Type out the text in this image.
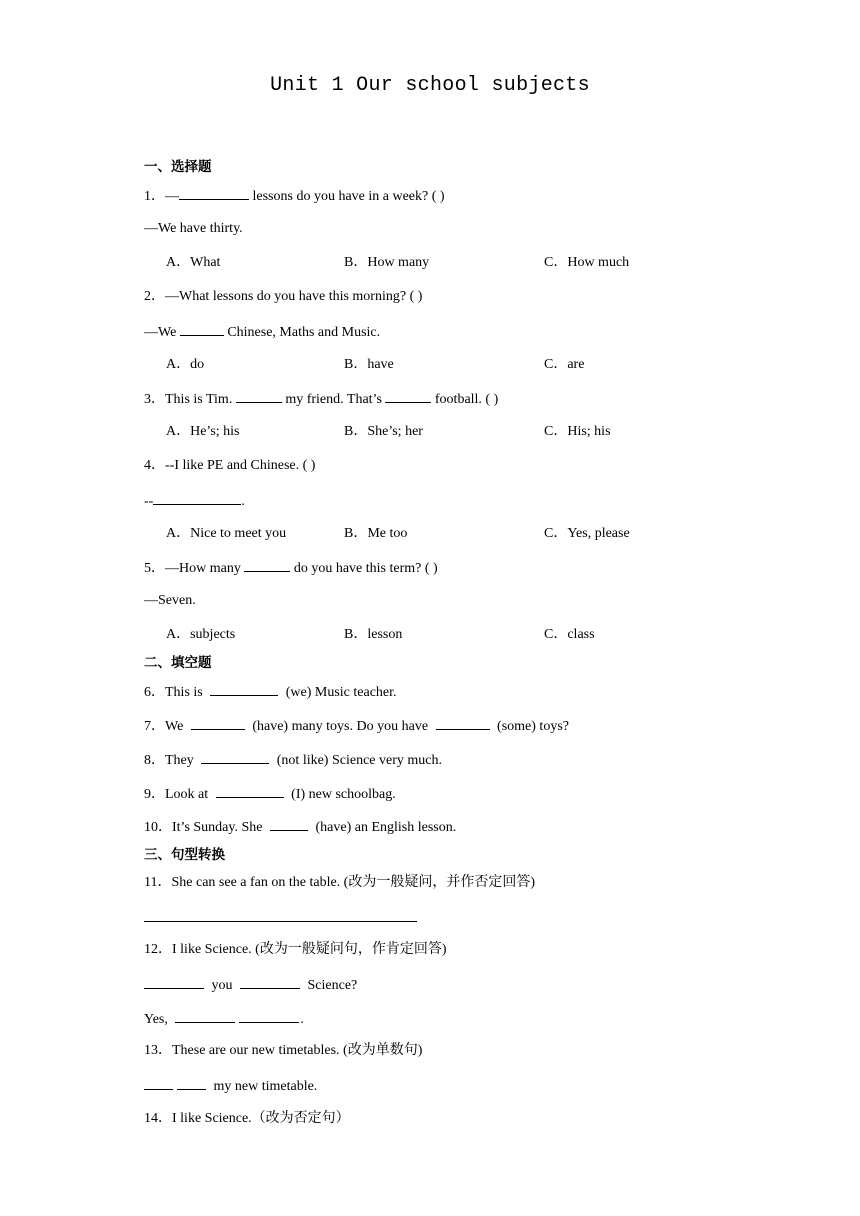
Unit 1 Our school subjects
一、选择题
1．—	lessons do you have in a week? ( )
—We have thirty.
A．What	B．How many	C．How much
2．—What lessons do you have this morning? ( )
—We	Chinese, Maths and Music.
A．do	B．have	C．are
3．This is Tim.	my friend. That’s	football. ( )
A．He’s; his	B．She’s; her	C．His; his
4．--I like PE and Chinese. ( )
--	.
A．Nice to meet you	B．Me too	C．Yes, please
5．—How many	do you have this term? ( )
—Seven.
A．subjects	B．lesson	C．class
二、填空题
6．This is	(we) Music teacher.
7．We	(have) many toys. Do you have	(some) toys?
8．They	(not like) Science very much.
9．Look at	(I) new schoolbag.
10．It’s Sunday. She	(have) an English lesson.
三、句型转换
11．She can see a fan on the table. (改为一般疑问，并作否定回答)
12．I like Science. (改为一般疑问句，作肯定回答)
you	Science?
Yes,	.
13．These are our new timetables. (改为单数句)
my new timetable.
14．I like Science.（改为否定句）
